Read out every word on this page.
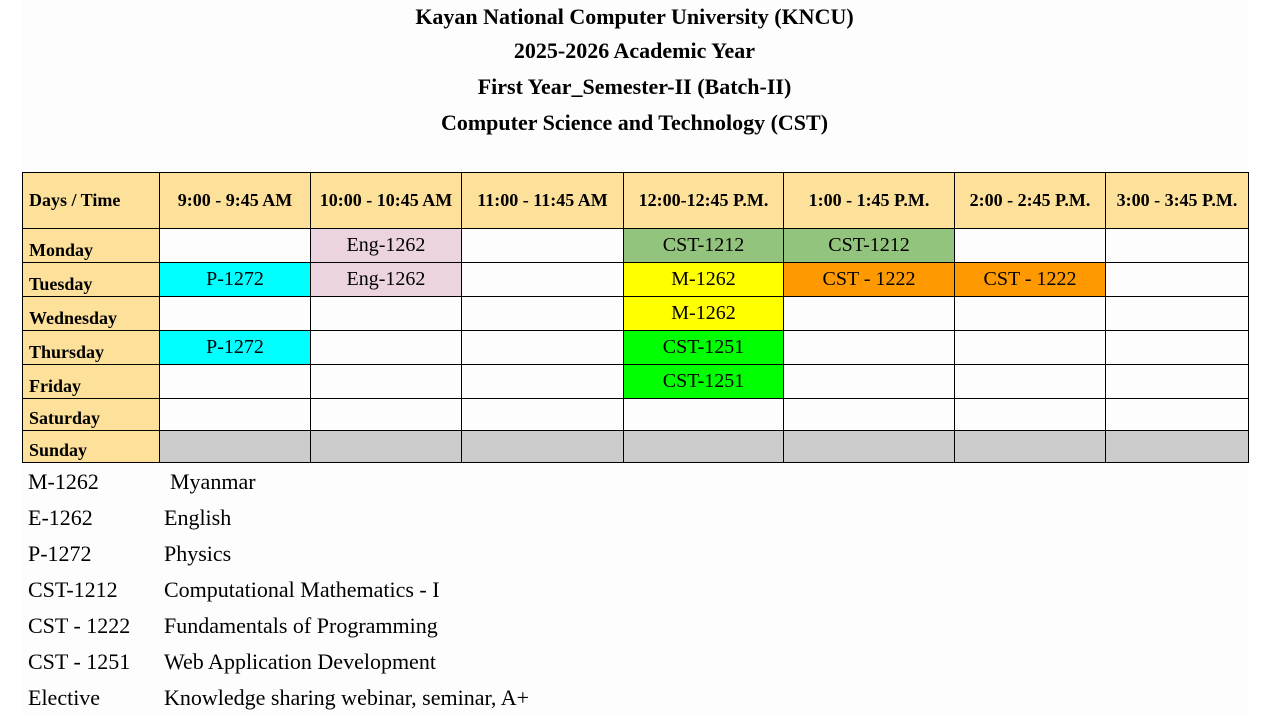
Kayan National Computer University (KNCU)
2025-2026 Academic Year
First Year_Semester-II (Batch-II)
Computer Science and Technology (CST)
Days / Time	9:00 - 9:45 AM	10:00 - 10:45 AM	11:00 - 11:45 AM	12:00-12:45 P.M.	1:00 - 1:45 P.M.	2:00 - 2:45 P.M.	3:00 - 3:45 P.M.
Monday		Eng-1262		CST-1212	CST-1212		
Tuesday	P-1272	Eng-1262		M-1262	CST - 1222	CST - 1222	
Wednesday				M-1262			
Thursday	P-1272			CST-1251			
Friday				CST-1251			
Saturday							
Sunday							
M-1262	Myanmar
E-1262	English
P-1272	Physics
CST-1212 Computational Mathematics - I
CST - 1222 Fundamentals of Programming
CST - 1251 Web Application Development
Elective	Knowledge sharing webinar, seminar, A+
